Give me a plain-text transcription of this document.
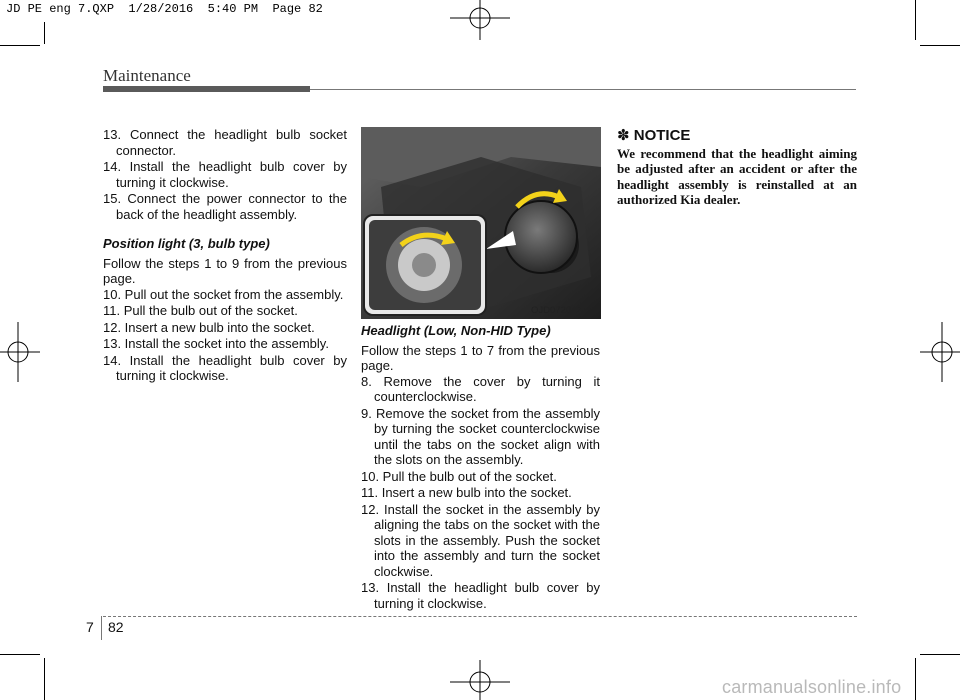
JD PE eng 7.QXP  1/28/2016  5:40 PM  Page 82
Maintenance
13. Connect the headlight bulb socket connector.
14. Install the headlight bulb cover by turning it clockwise.
15. Connect the power connector to the back of the headlight assembly.
Position light (3, bulb type)

Follow the steps 1 to 9 from the previous page.

10. Pull out the socket from the assembly.
11. Pull the bulb out of the socket.
12. Insert a new bulb into the socket.
13. Install the socket into the assembly.
14. Install the headlight bulb cover by turning it clockwise.
OJD072042
Headlight (Low, Non-HID Type)

Follow the steps 1 to 7 from the previous page.

8. Remove the cover by turning it counterclockwise.
9. Remove the socket from the assembly by turning the socket counterclockwise until the tabs on the socket align with the slots on the assembly.
10. Pull the bulb out of the socket.
11. Insert a new bulb into the socket.
12. Install the socket in the assembly by aligning the tabs on the socket with the slots in the assembly. Push the socket into the assembly and turn the socket clockwise.
13. Install the headlight bulb cover by turning it clockwise.
✽ NOTICE
We recommend that the headlight aiming be adjusted after an accident or after the headlight assembly is reinstalled at an authorized Kia dealer.
7 82
carmanualsonline.info
